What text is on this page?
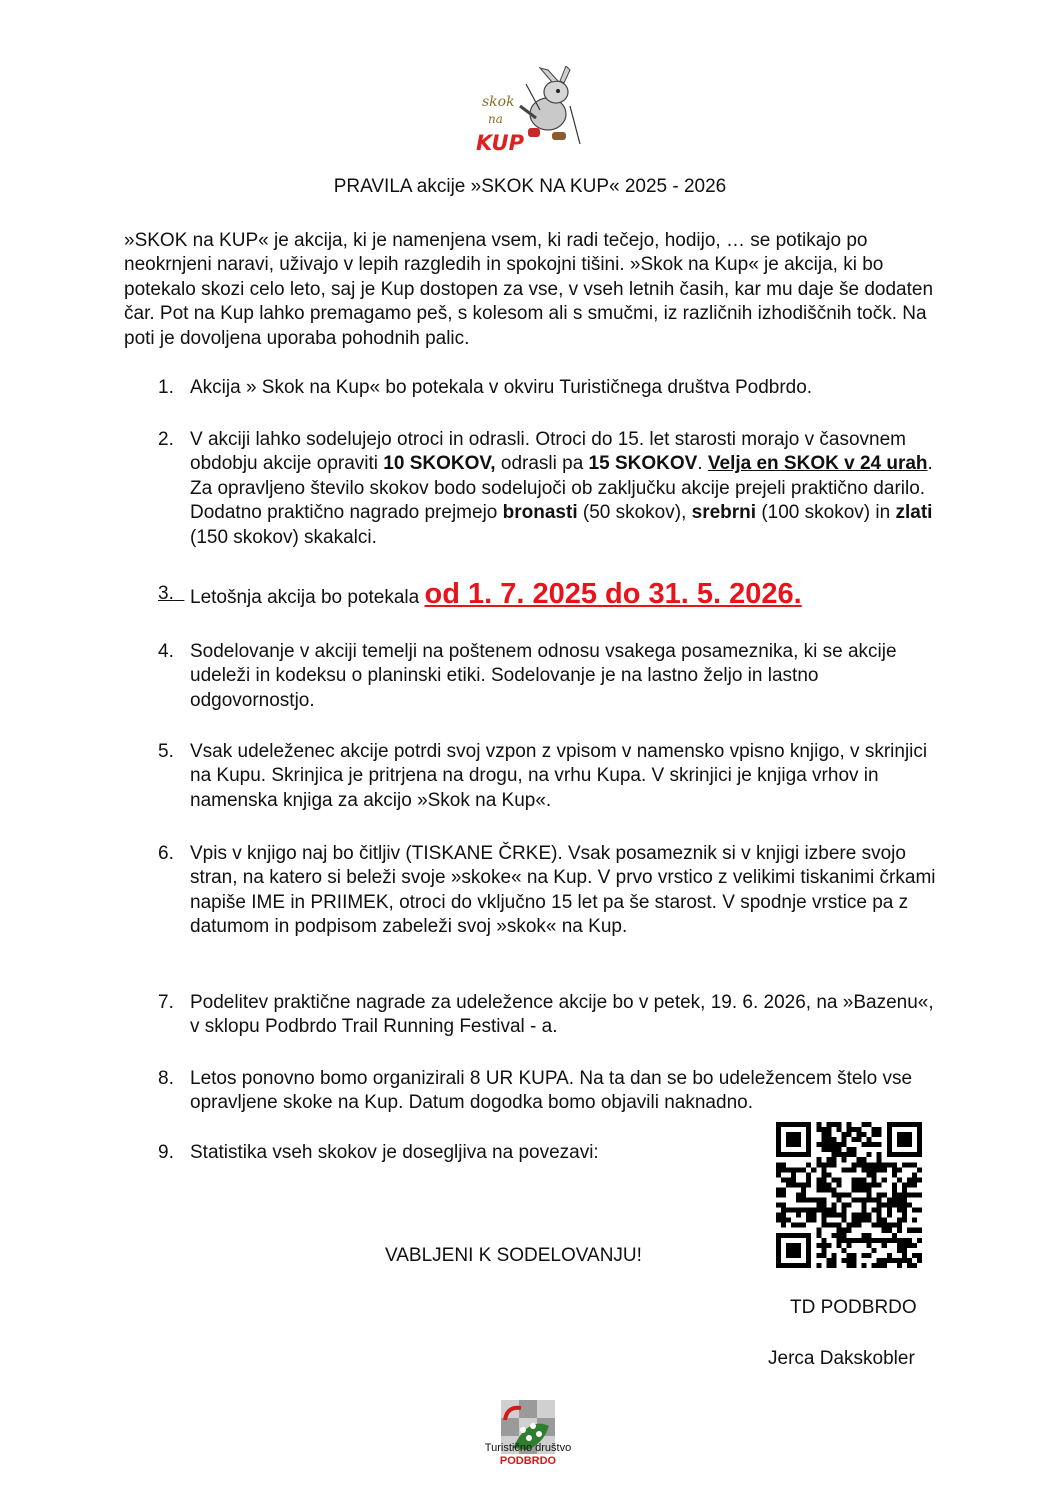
skok
na
KUP
PRAVILA akcije »SKOK NA KUP« 2025 - 2026
»SKOK na KUP« je akcija, ki je namenjena vsem, ki radi tečejo, hodijo, … se potikajo po neokrnjeni naravi, uživajo v lepih razgledih in spokojni tišini. »Skok na Kup« je akcija, ki bo potekalo skozi celo leto, saj je Kup dostopen za vse, v vseh letnih časih, kar mu daje še dodaten čar. Pot na Kup lahko premagamo peš, s kolesom ali s smučmi, iz različnih izhodiščnih točk. Na poti je dovoljena uporaba pohodnih palic.
1. Akcija » Skok na Kup« bo potekala v okviru Turističnega društva Podbrdo.
2. V akciji lahko sodelujejo otroci in odrasli. Otroci do 15. let starosti morajo v časovnem obdobju akcije opraviti 10 SKOKOV, odrasli pa 15 SKOKOV. Velja en SKOK v 24 urah. Za opravljeno število skokov bodo sodelujoči ob zaključku akcije prejeli praktično darilo. Dodatno praktično nagrado prejmejo bronasti (50 skokov), srebrni (100 skokov) in zlati (150 skokov) skakalci.
3. Letošnja akcija bo potekala od 1. 7. 2025 do 31. 5. 2026.
4. Sodelovanje v akciji temelji na poštenem odnosu vsakega posameznika, ki se akcije udeleži in kodeksu o planinski etiki. Sodelovanje je na lastno željo in lastno odgovornostjo.
5. Vsak udeleženec akcije potrdi svoj vzpon z vpisom v namensko vpisno knjigo, v skrinjici na Kupu. Skrinjica je pritrjena na drogu, na vrhu Kupa. V skrinjici je knjiga vrhov in namenska knjiga za akcijo »Skok na Kup«.
6. Vpis v knjigo naj bo čitljiv (TISKANE ČRKE). Vsak posameznik si v knjigi izbere svojo stran, na katero si beleži svoje »skoke« na Kup. V prvo vrstico z velikimi tiskanimi črkami napiše IME in PRIIMEK, otroci do vključno 15 let pa še starost. V spodnje vrstice pa z datumom in podpisom zabeleži svoj »skok« na Kup.
7. Podelitev praktične nagrade za udeležence akcije bo v petek, 19. 6. 2026, na »Bazenu«, v sklopu Podbrdo Trail Running Festival - a.
8. Letos ponovno bomo organizirali 8 UR KUPA. Na ta dan se bo udeležencem štelo vse opravljene skoke na Kup. Datum dogodka bomo objavili naknadno.
9. Statistika vseh skokov je dosegljiva na povezavi:
VABLJENI K SODELOVANJU!
TD PODBRDO
Jerca Dakskobler
Turistično društvo
PODBRDO
